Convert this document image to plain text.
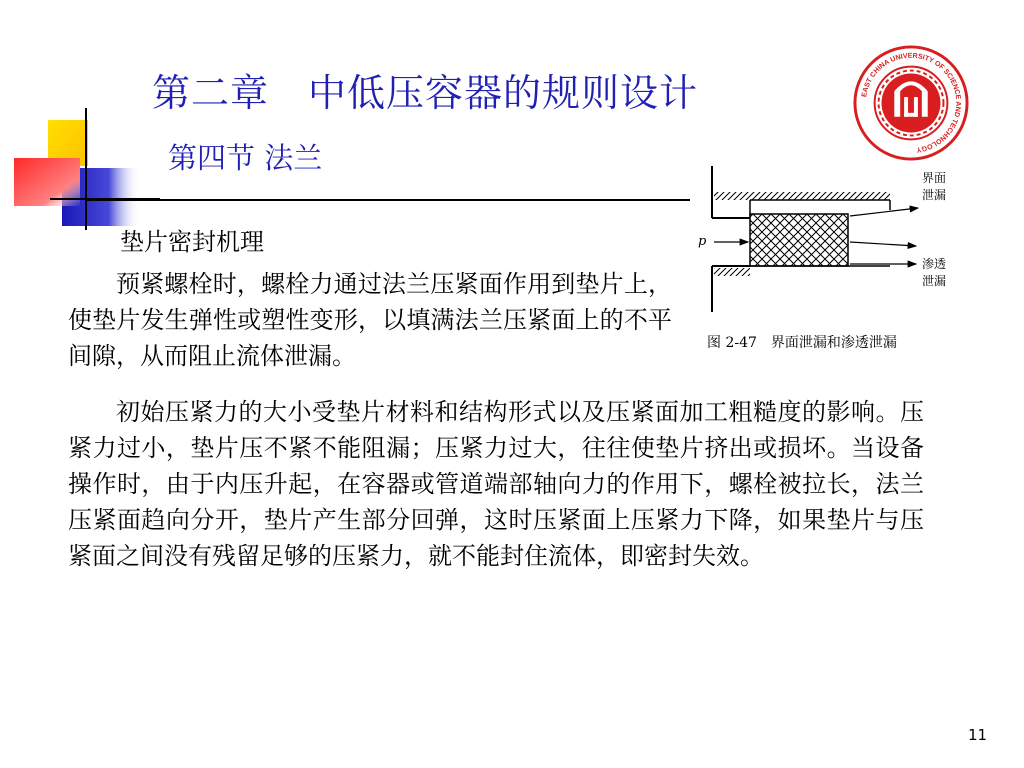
第二章　中低压容器的规则设计
第四节 法兰
EAST CHINA UNIVERSITY OF SCIENCE AND TECHNOLOGY
p
界面
泄漏
渗透
泄漏
图 2-47　界面泄漏和渗透泄漏
垫片密封机理
预紧螺栓时，螺栓力通过法兰压紧面作用到垫片上，使垫片发生弹性或塑性变形，以填满法兰压紧面上的不平间隙，从而阻止流体泄漏。
初始压紧力的大小受垫片材料和结构形式以及压紧面加工粗糙度的影响。压紧力过小，垫片压不紧不能阻漏；压紧力过大，往往使垫片挤出或损坏。当设备操作时，由于内压升起，在容器或管道端部轴向力的作用下，螺栓被拉长，法兰压紧面趋向分开，垫片产生部分回弹，这时压紧面上压紧力下降，如果垫片与压紧面之间没有残留足够的压紧力，就不能封住流体，即密封失效。
11
